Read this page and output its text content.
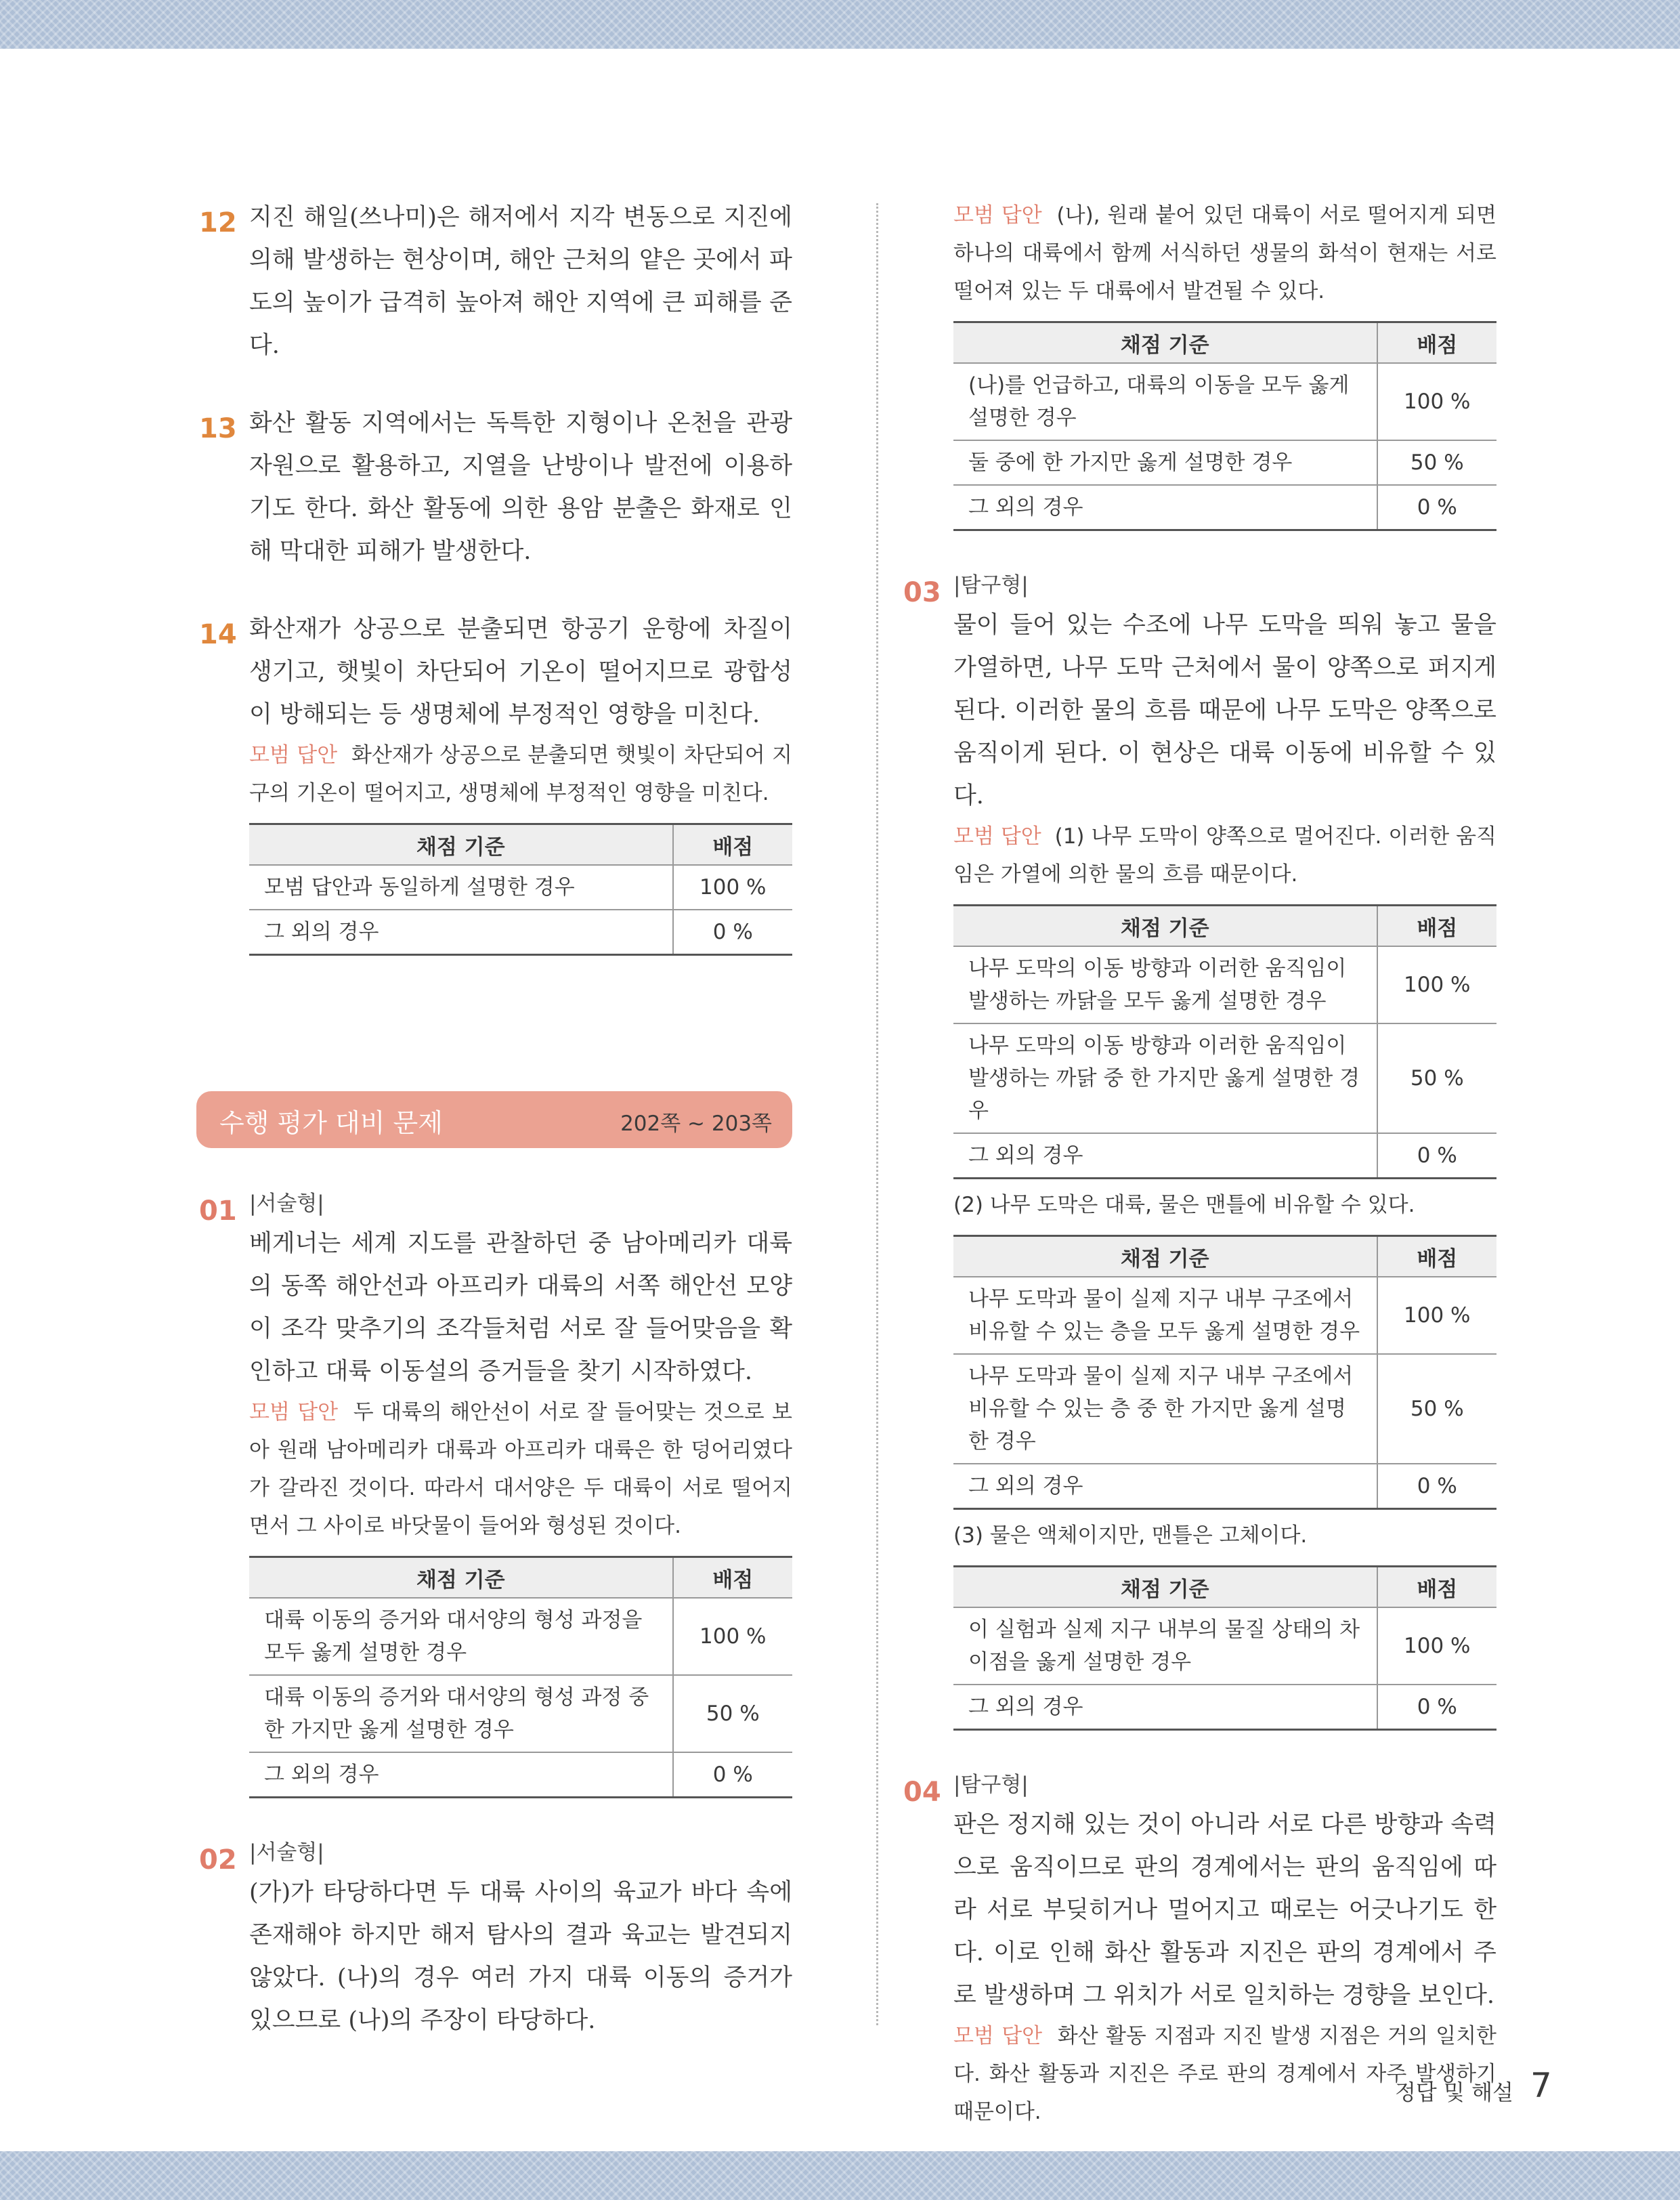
12 지진 해일(쓰나미)은 해저에서 지각 변동으로 지진에 의해 발생하는 현상이며, 해안 근처의 얕은 곳에서 파도의 높이가 급격히 높아져 해안 지역에 큰 피해를 준다.
13 화산 활동 지역에서는 독특한 지형이나 온천을 관광 자원으로 활용하고, 지열을 난방이나 발전에 이용하기도 한다. 화산 활동에 의한 용암 분출은 화재로 인해 막대한 피해가 발생한다.
14 화산재가 상공으로 분출되면 항공기 운항에 차질이 생기고, 햇빛이 차단되어 기온이 떨어지므로 광합성이 방해되는 등 생명체에 부정적인 영향을 미친다.
모범 답안 화산재가 상공으로 분출되면 햇빛이 차단되어 지구의 기온이 떨어지고, 생명체에 부정적인 영향을 미친다.
채점 기준	배점
모범 답안과 동일하게 설명한 경우	100 %
그 외의 경우	0 %
수행 평가 대비 문제	202쪽 ~ 203쪽
01 |서술형|
베게너는 세계 지도를 관찰하던 중 남아메리카 대륙의 동쪽 해안선과 아프리카 대륙의 서쪽 해안선 모양이 조각 맞추기의 조각들처럼 서로 잘 들어맞음을 확인하고 대륙 이동설의 증거들을 찾기 시작하였다.
모범 답안 두 대륙의 해안선이 서로 잘 들어맞는 것으로 보아 원래 남아메리카 대륙과 아프리카 대륙은 한 덩어리였다가 갈라진 것이다. 따라서 대서양은 두 대륙이 서로 떨어지면서 그 사이로 바닷물이 들어와 형성된 것이다.
채점 기준	배점
대륙 이동의 증거와 대서양의 형성 과정을 모두 옳게 설명한 경우	100 %
대륙 이동의 증거와 대서양의 형성 과정 중 한 가지만 옳게 설명한 경우	50 %
그 외의 경우	0 %
02 |서술형|
(가)가 타당하다면 두 대륙 사이의 육교가 바다 속에 존재해야 하지만 해저 탐사의 결과 육교는 발견되지 않았다. (나)의 경우 여러 가지 대륙 이동의 증거가 있으므로 (나)의 주장이 타당하다.
모범 답안 (나), 원래 붙어 있던 대륙이 서로 떨어지게 되면 하나의 대륙에서 함께 서식하던 생물의 화석이 현재는 서로 떨어져 있는 두 대륙에서 발견될 수 있다.
채점 기준	배점
(나)를 언급하고, 대륙의 이동을 모두 옳게 설명한 경우	100 %
둘 중에 한 가지만 옳게 설명한 경우	50 %
그 외의 경우	0 %
03 |탐구형|
물이 들어 있는 수조에 나무 도막을 띄워 놓고 물을 가열하면, 나무 도막 근처에서 물이 양쪽으로 퍼지게 된다. 이러한 물의 흐름 때문에 나무 도막은 양쪽으로 움직이게 된다. 이 현상은 대륙 이동에 비유할 수 있다.
모범 답안 (1) 나무 도막이 양쪽으로 멀어진다. 이러한 움직임은 가열에 의한 물의 흐름 때문이다.
채점 기준	배점
나무 도막의 이동 방향과 이러한 움직임이 발생하는 까닭을 모두 옳게 설명한 경우	100 %
나무 도막의 이동 방향과 이러한 움직임이 발생하는 까닭 중 한 가지만 옳게 설명한 경우	50 %
그 외의 경우	0 %
(2) 나무 도막은 대륙, 물은 맨틀에 비유할 수 있다.
채점 기준	배점
나무 도막과 물이 실제 지구 내부 구조에서 비유할 수 있는 층을 모두 옳게 설명한 경우	100 %
나무 도막과 물이 실제 지구 내부 구조에서 비유할 수 있는 층 중 한 가지만 옳게 설명한 경우	50 %
그 외의 경우	0 %
(3) 물은 액체이지만, 맨틀은 고체이다.
채점 기준	배점
이 실험과 실제 지구 내부의 물질 상태의 차이점을 옳게 설명한 경우	100 %
그 외의 경우	0 %
04 |탐구형|
판은 정지해 있는 것이 아니라 서로 다른 방향과 속력으로 움직이므로 판의 경계에서는 판의 움직임에 따라 서로 부딪히거나 멀어지고 때로는 어긋나기도 한다. 이로 인해 화산 활동과 지진은 판의 경계에서 주로 발생하며 그 위치가 서로 일치하는 경향을 보인다.
모범 답안 화산 활동 지점과 지진 발생 지점은 거의 일치한다. 화산 활동과 지진은 주로 판의 경계에서 자주 발생하기 때문이다.
정답 및 해설 7
